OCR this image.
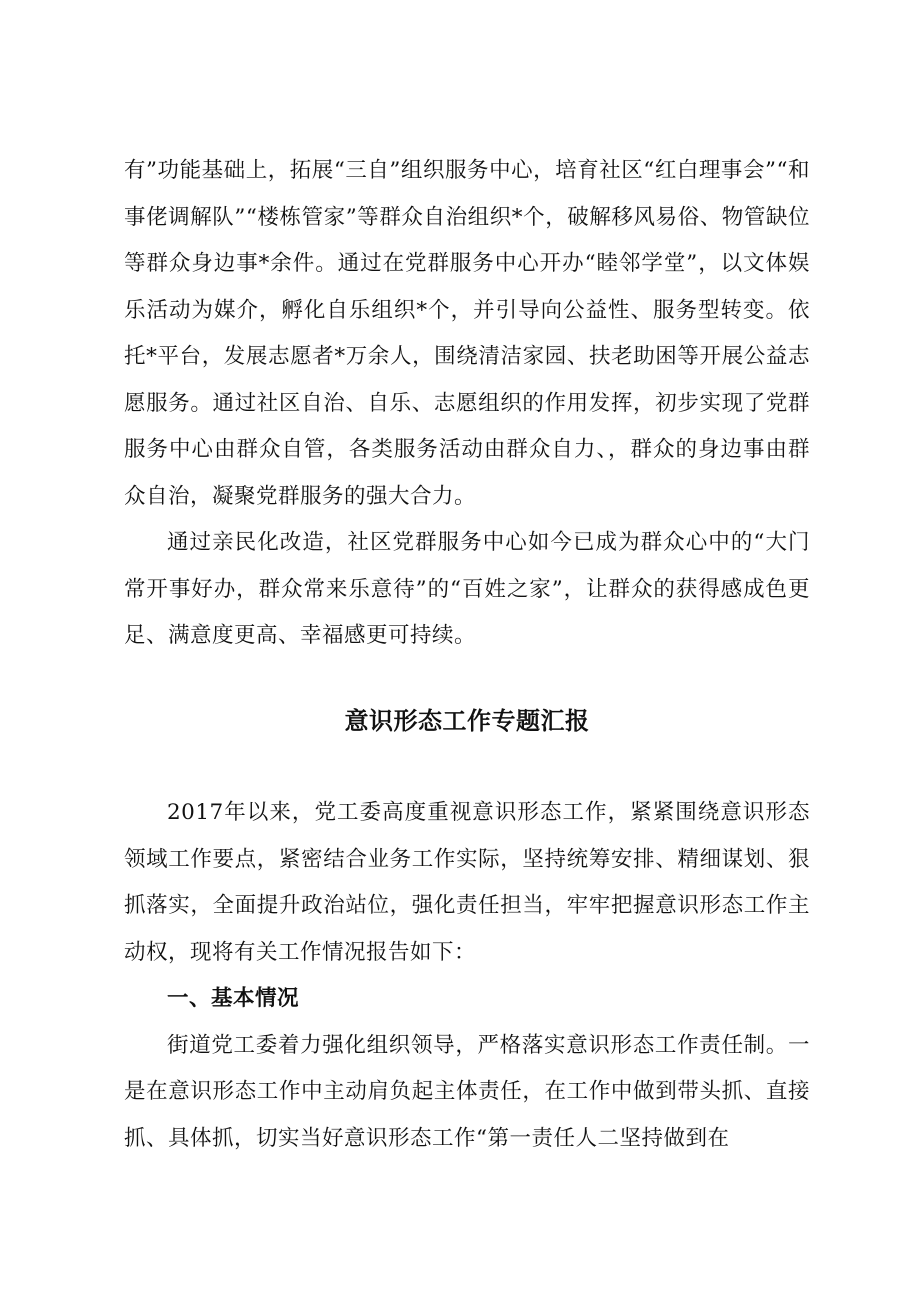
有”功能基础上，拓展“三自”组织服务中心，培育社区“红白理事会”“和事佬调解队”“楼栋管家”等群众自治组织*个，破解移风易俗、物管缺位等群众身边事*余件。通过在党群服务中心开办“睦邻学堂”，以文体娱乐活动为媒介，孵化自乐组织*个，并引导向公益性、服务型转变。依托*平台，发展志愿者*万余人，围绕清洁家园、扶老助困等开展公益志愿服务。通过社区自治、自乐、志愿组织的作用发挥，初步实现了党群服务中心由群众自管，各类服务活动由群众自力、，群众的身边事由群众自治，凝聚党群服务的强大合力。

通过亲民化改造，社区党群服务中心如今已成为群众心中的“大门常开事好办，群众常来乐意待”的“百姓之家”，让群众的获得感成色更足、满意度更高、幸福感更可持续。

意识形态工作专题汇报

2017年以来，党工委高度重视意识形态工作，紧紧围绕意识形态领域工作要点，紧密结合业务工作实际，坚持统筹安排、精细谋划、狠抓落实，全面提升政治站位，强化责任担当，牢牢把握意识形态工作主动权，现将有关工作情况报告如下：

一、基本情况

街道党工委着力强化组织领导，严格落实意识形态工作责任制。一是在意识形态工作中主动肩负起主体责任，在工作中做到带头抓、直接抓、具体抓，切实当好意识形态工作“第一责任人二坚持做到在
